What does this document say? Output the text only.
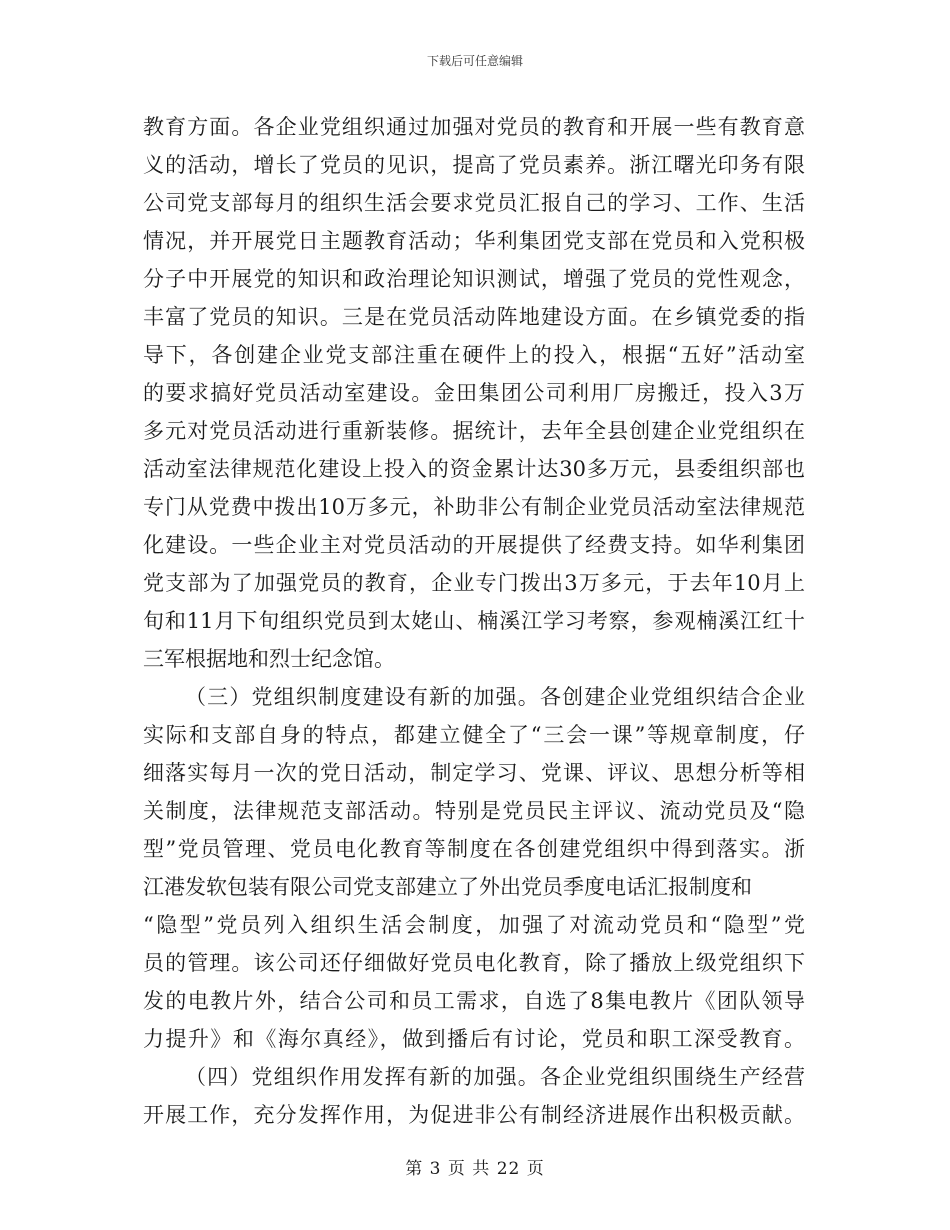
下载后可任意编辑
教育方面。各企业党组织通过加强对党员的教育和开展一些有教育意
义的活动，增长了党员的见识，提高了党员素养。浙江曙光印务有限
公司党支部每月的组织生活会要求党员汇报自己的学习、工作、生活
情况，并开展党日主题教育活动；华利集团党支部在党员和入党积极
分子中开展党的知识和政治理论知识测试，增强了党员的党性观念，
丰富了党员的知识。三是在党员活动阵地建设方面。在乡镇党委的指
导下，各创建企业党支部注重在硬件上的投入，根据“五好”活动室
的要求搞好党员活动室建设。金田集团公司利用厂房搬迁，投入3万
多元对党员活动进行重新装修。据统计，去年全县创建企业党组织在
活动室法律规范化建设上投入的资金累计达30多万元，县委组织部也
专门从党费中拨出10万多元，补助非公有制企业党员活动室法律规范
化建设。一些企业主对党员活动的开展提供了经费支持。如华利集团
党支部为了加强党员的教育，企业专门拨出3万多元，于去年10月上
旬和11月下旬组织党员到太姥山、楠溪江学习考察，参观楠溪江红十
三军根据地和烈士纪念馆。
（三）党组织制度建设有新的加强。各创建企业党组织结合企业
实际和支部自身的特点，都建立健全了“三会一课”等规章制度，仔
细落实每月一次的党日活动，制定学习、党课、评议、思想分析等相
关制度，法律规范支部活动。特别是党员民主评议、流动党员及“隐
型”党员管理、党员电化教育等制度在各创建党组织中得到落实。浙
江港发软包装有限公司党支部建立了外出党员季度电话汇报制度和
“隐型”党员列入组织生活会制度，加强了对流动党员和“隐型”党
员的管理。该公司还仔细做好党员电化教育，除了播放上级党组织下
发的电教片外，结合公司和员工需求，自选了8集电教片《团队领导
力提升》和《海尔真经》，做到播后有讨论，党员和职工深受教育。
（四）党组织作用发挥有新的加强。各企业党组织围绕生产经营
开展工作，充分发挥作用，为促进非公有制经济进展作出积极贡献。
第 3 页 共 22 页
